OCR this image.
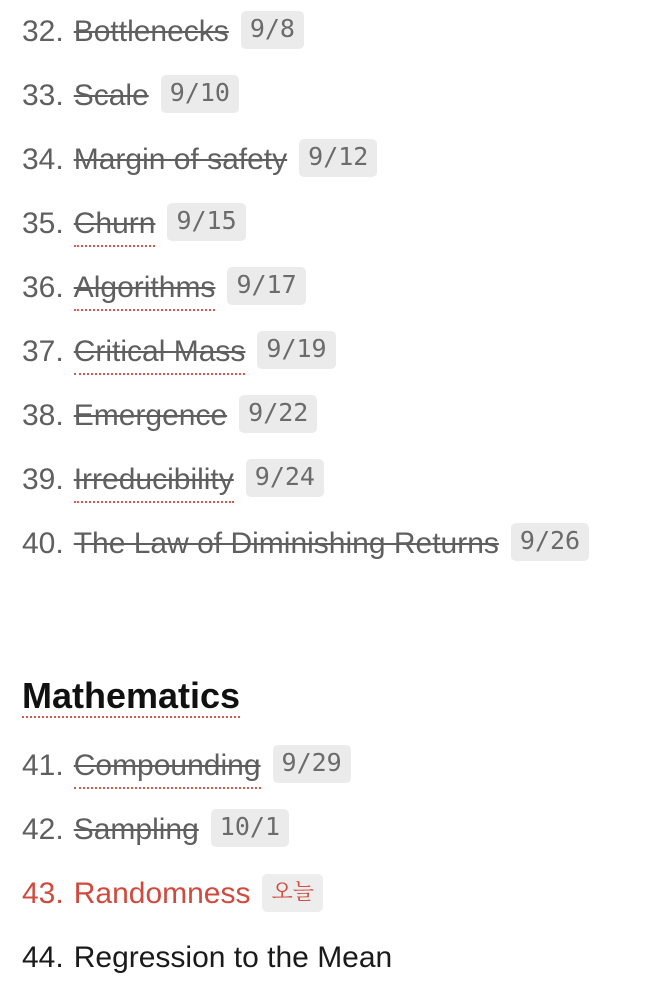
32. Bottlenecks 9/8
33. Scale 9/10
34. Margin of safety 9/12
35. Churn 9/15
36. Algorithms 9/17
37. Critical Mass 9/19
38. Emergence 9/22
39. Irreducibility 9/24
40. The Law of Diminishing Returns 9/26
Mathematics
41. Compounding 9/29
42. Sampling 10/1
43. Randomness 오늘
44. Regression to the Mean
